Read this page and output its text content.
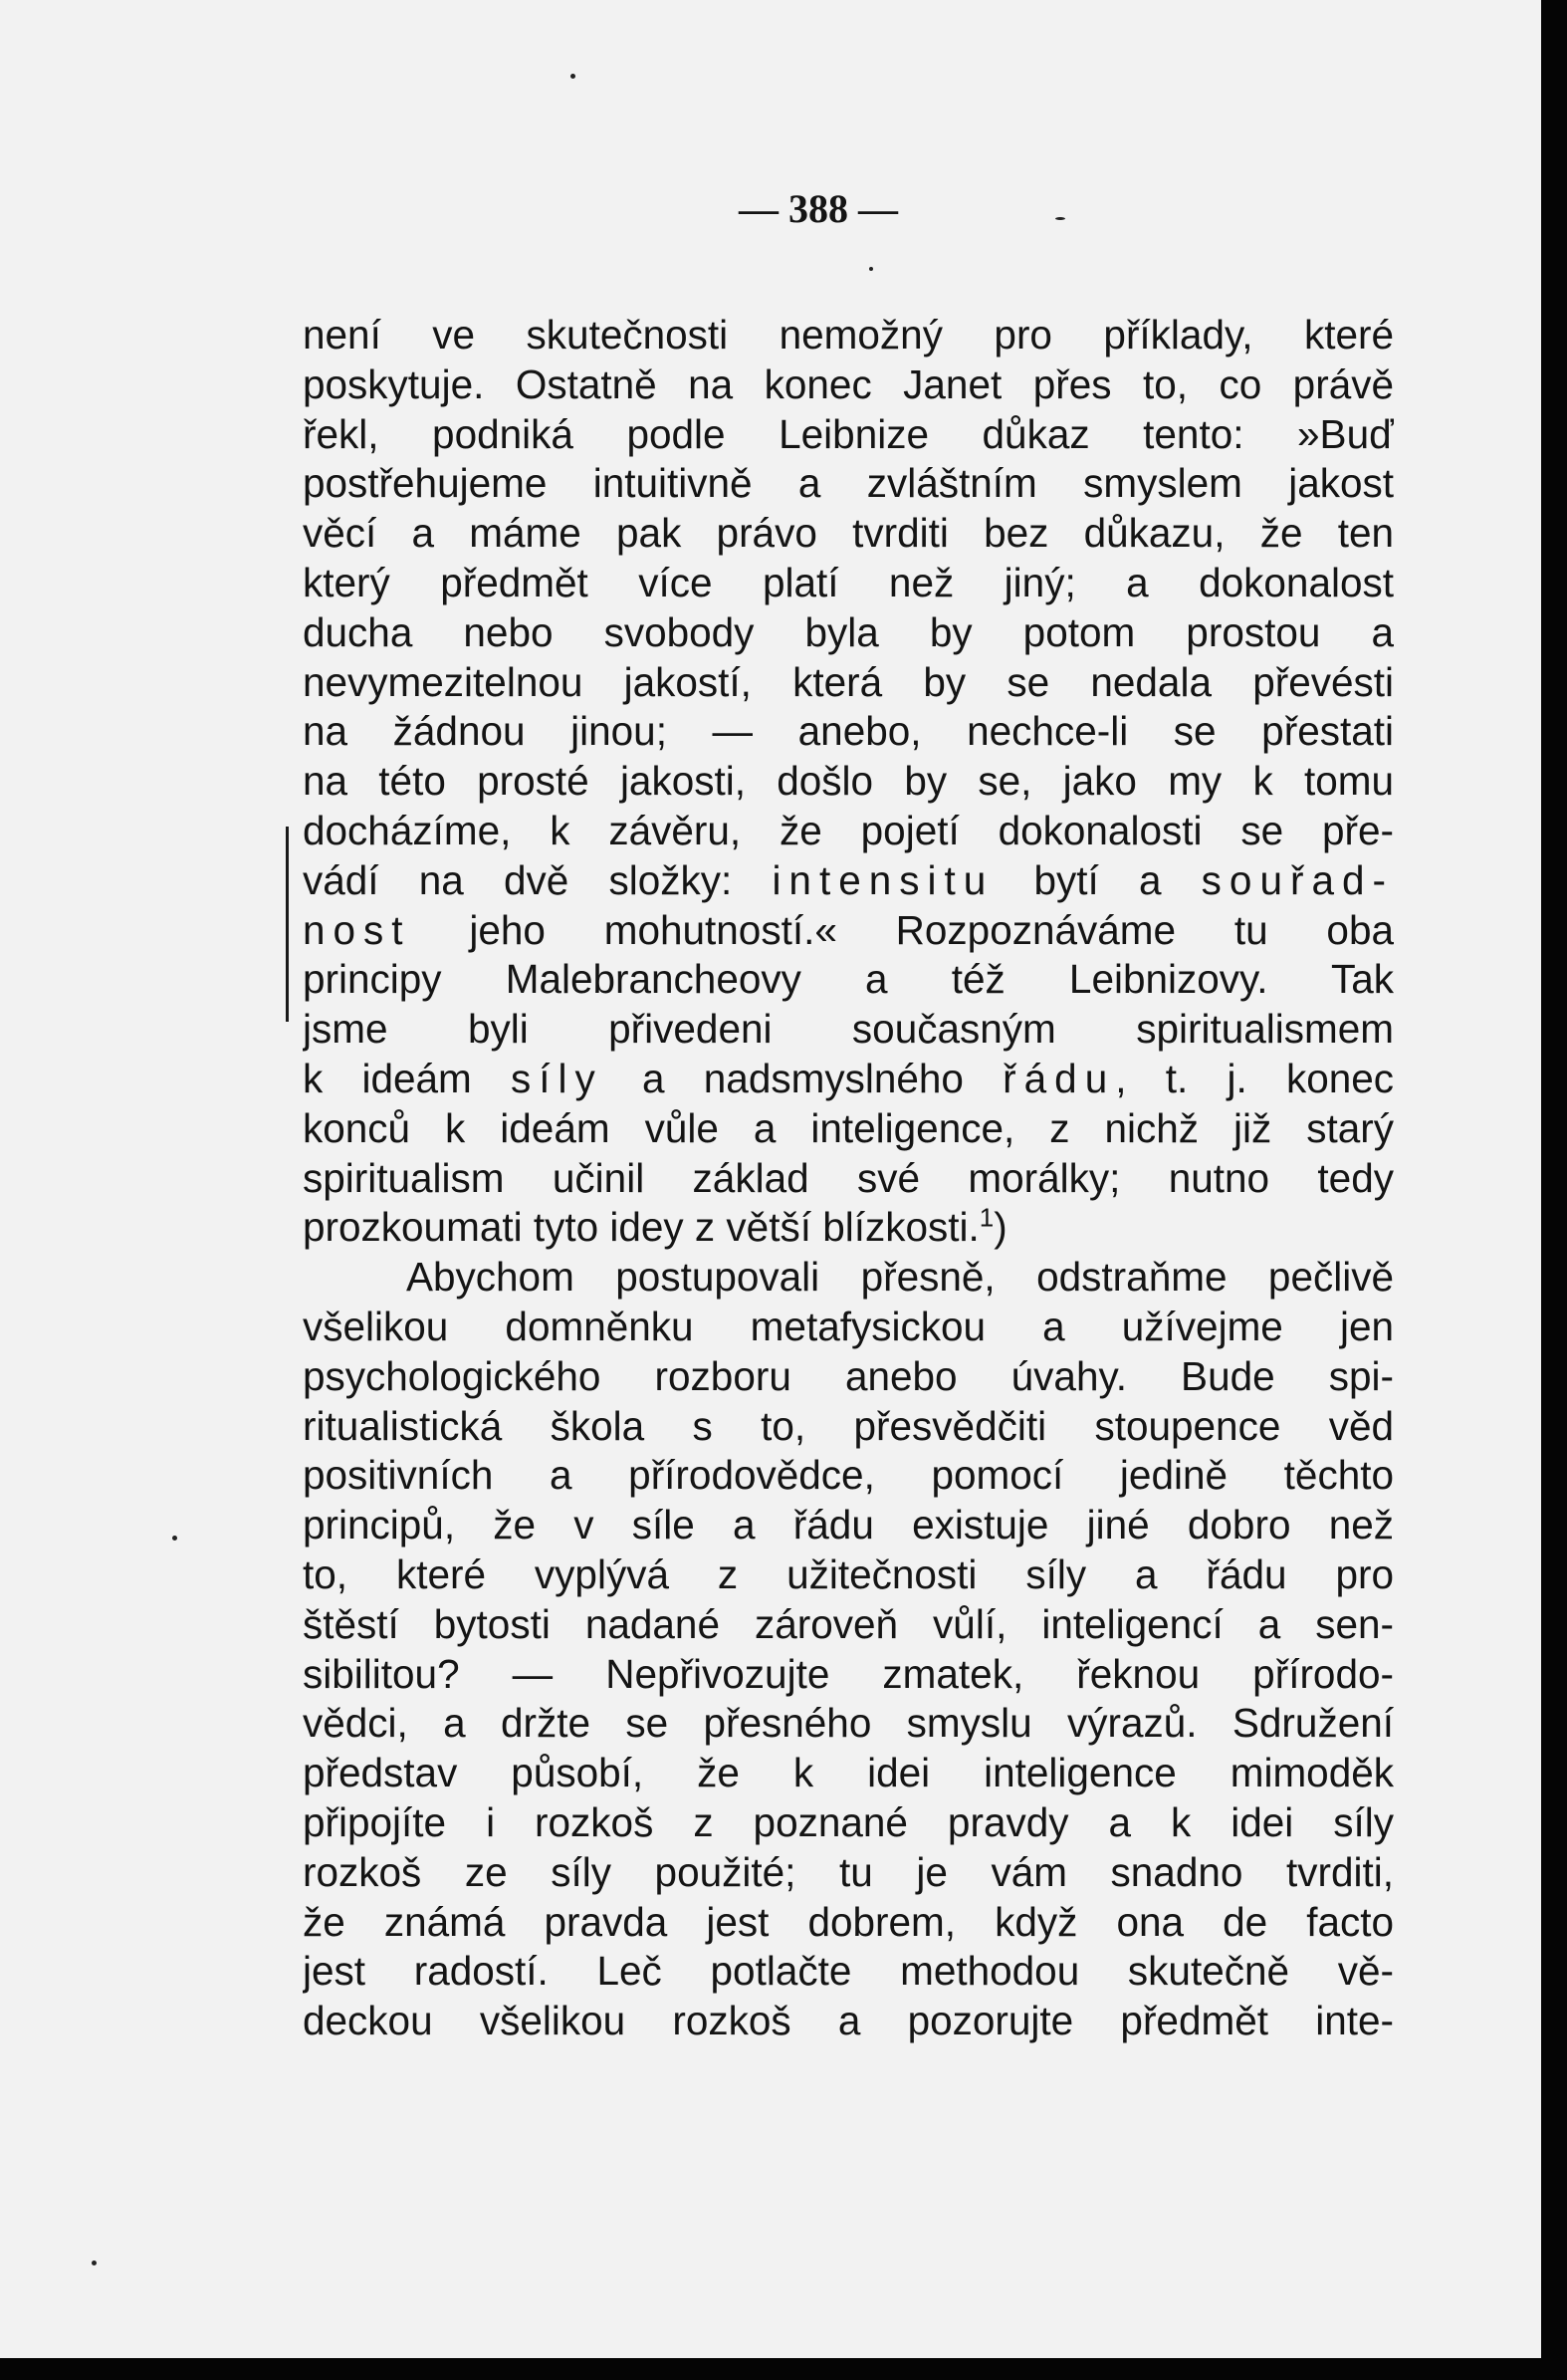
— 388 —
není ve skutečnosti nemožný pro příklady, které
poskytuje. Ostatně na konec Janet přes to, co právě
řekl, podniká podle Leibnize důkaz tento: »Buď
postřehujeme intuitivně a zvláštním smyslem jakost
věcí a máme pak právo tvrditi bez důkazu, že ten
který předmět více platí než jiný; a dokonalost
ducha nebo svobody byla by potom prostou a
nevymezitelnou jakostí, která by se nedala převésti
na žádnou jinou; — anebo, nechce-li se přestati
na této prosté jakosti, došlo by se, jako my k tomu
docházíme, k závěru, že pojetí dokonalosti se pře-
vádí na dvě složky: intensitu bytí a souřad-
nost jeho mohutností.« Rozpoznáváme tu oba
principy Malebrancheovy a též Leibnizovy. Tak
jsme byli přivedeni současným spiritualismem
k ideám síly a nadsmyslného řádu, t. j. konec
konců k ideám vůle a inteligence, z nichž již starý
spiritualism učinil základ své morálky; nutno tedy
prozkoumati tyto idey z větší blízkosti.$^1$)
Abychom postupovali přesně, odstraňme pečlivě
všelikou domněnku metafysickou a užívejme jen
psychologického rozboru anebo úvahy. Bude spi-
ritualistická škola s to, přesvědčiti stoupence věd
positivních a přírodovědce, pomocí jedině těchto
principů, že v síle a řádu existuje jiné dobro než
to, které vyplývá z užitečnosti síly a řádu pro
štěstí bytosti nadané zároveň vůlí, inteligencí a sen-
sibilitou? — Nepřivozujte zmatek, řeknou přírodo-
vědci, a držte se přesného smyslu výrazů. Sdružení
představ působí, že k idei inteligence mimoděk
připojíte i rozkoš z poznané pravdy a k idei síly
rozkoš ze síly použité; tu je vám snadno tvrditi,
že známá pravda jest dobrem, když ona de facto
jest radostí. Leč potlačte methodou skutečně vě-
deckou všelikou rozkoš a pozorujte předmět inte-
